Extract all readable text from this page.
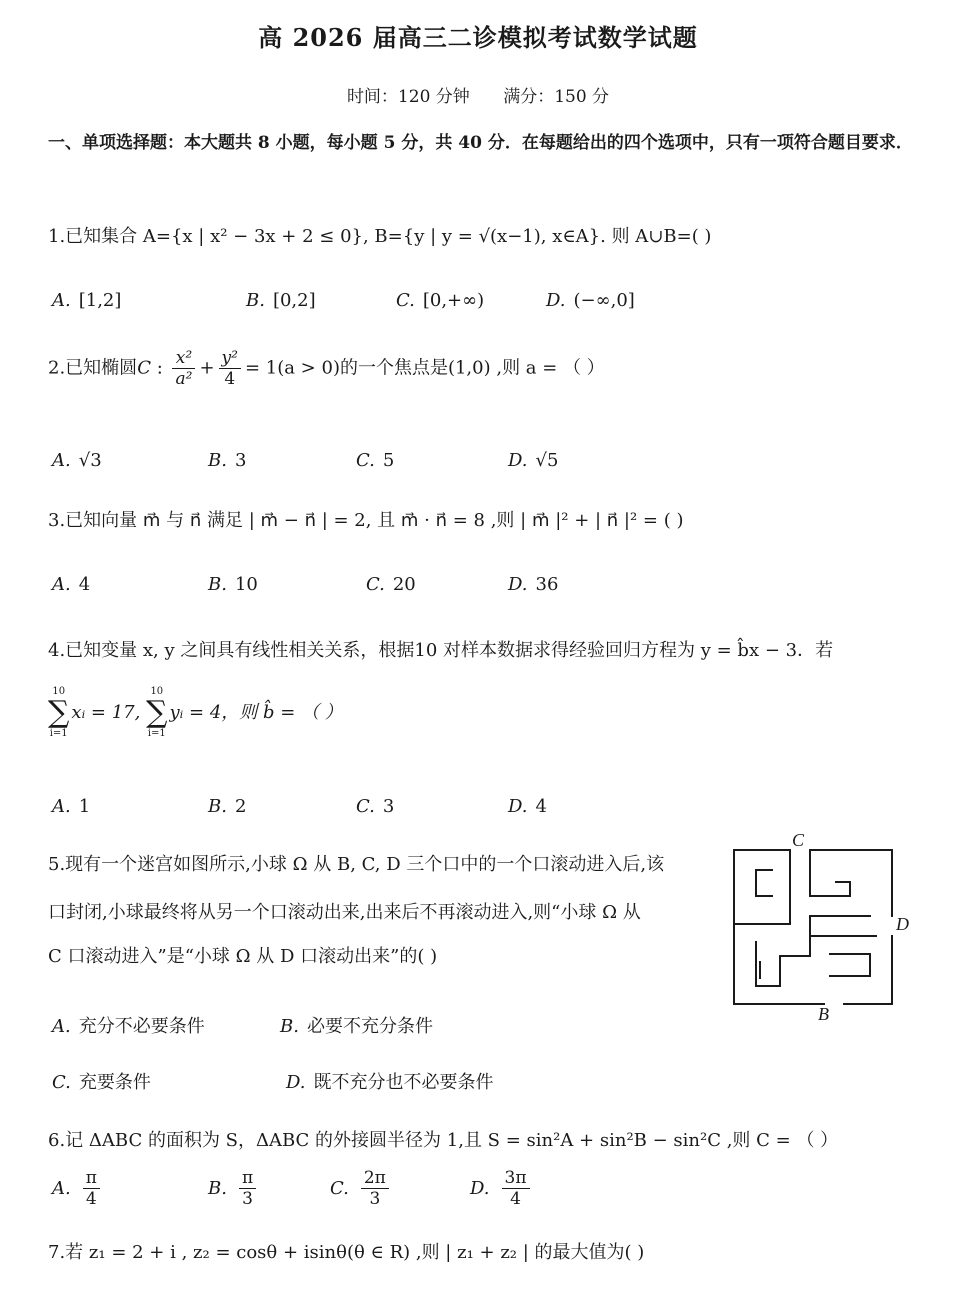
高 2026 届高三二诊模拟考试数学试题
时间：120 分钟 满分：150 分
一、单项选择题：本大题共 8 小题，每小题 5 分，共 40 分．在每题给出的四个选项中，只有一项符合题目要求．
1.已知集合 A={x | x² − 3x + 2 ≤ 0}, B={y | y = √(x−1), x∈A}. 则 A∪B=( )
A. [1,2]	B. [0,2]	C. [0,+∞)	D. (−∞,0]
2.已知椭圆C : $\frac{\text{x²}}{\text{a²}} + \frac{\text{y²}}{4} = 1(a > 0)$的一个焦点是(1,0) ,则 a = （ ）
A. √3	B. 3	C. 5	D. √5
3.已知向量 m⃗ 与 n⃗ 满足 | m⃗ − n⃗ | = 2, 且 m⃗ · n⃗ = 8 ,则 | m⃗ |² + | n⃗ |² = ( )
A. 4	B. 10	C. 20	D. 36
4.已知变量 x, y 之间具有线性相关关系，根据10 对样本数据求得经验回归方程为 y = b̂x − 3．若
10
∑
i=1
xᵢ = 17,
10
∑
i=1
yᵢ = 4，则 b̂ = （ ）
A. 1	B. 2	C. 3	D. 4
5.现有一个迷宫如图所示,小球 Ω 从 B, C, D 三个口中的一个口滚动进入后,该
口封闭,小球最终将从另一个口滚动出来,出来后不再滚动进入,则“小球 Ω 从
C 口滚动进入”是“小球 Ω 从 D 口滚动出来”的( )
C
D
B
A. 充分不必要条件	B. 必要不充分条件
C. 充要条件	D. 既不充分也不必要条件
6.记 ΔABC 的面积为 S，ΔABC 的外接圆半径为 1,且 S = sin²A + sin²B − sin²C ,则 C = （ ）
A. $\frac{\pi}{4}$	B. $\frac{\pi}{3}$	C. $\frac{2\pi}{3}$	D. $\frac{3\pi}{4}$
7.若 z₁ = 2 + i , z₂ = cosθ + isinθ(θ ∈ R) ,则 | z₁ + z₂ | 的最大值为( )
